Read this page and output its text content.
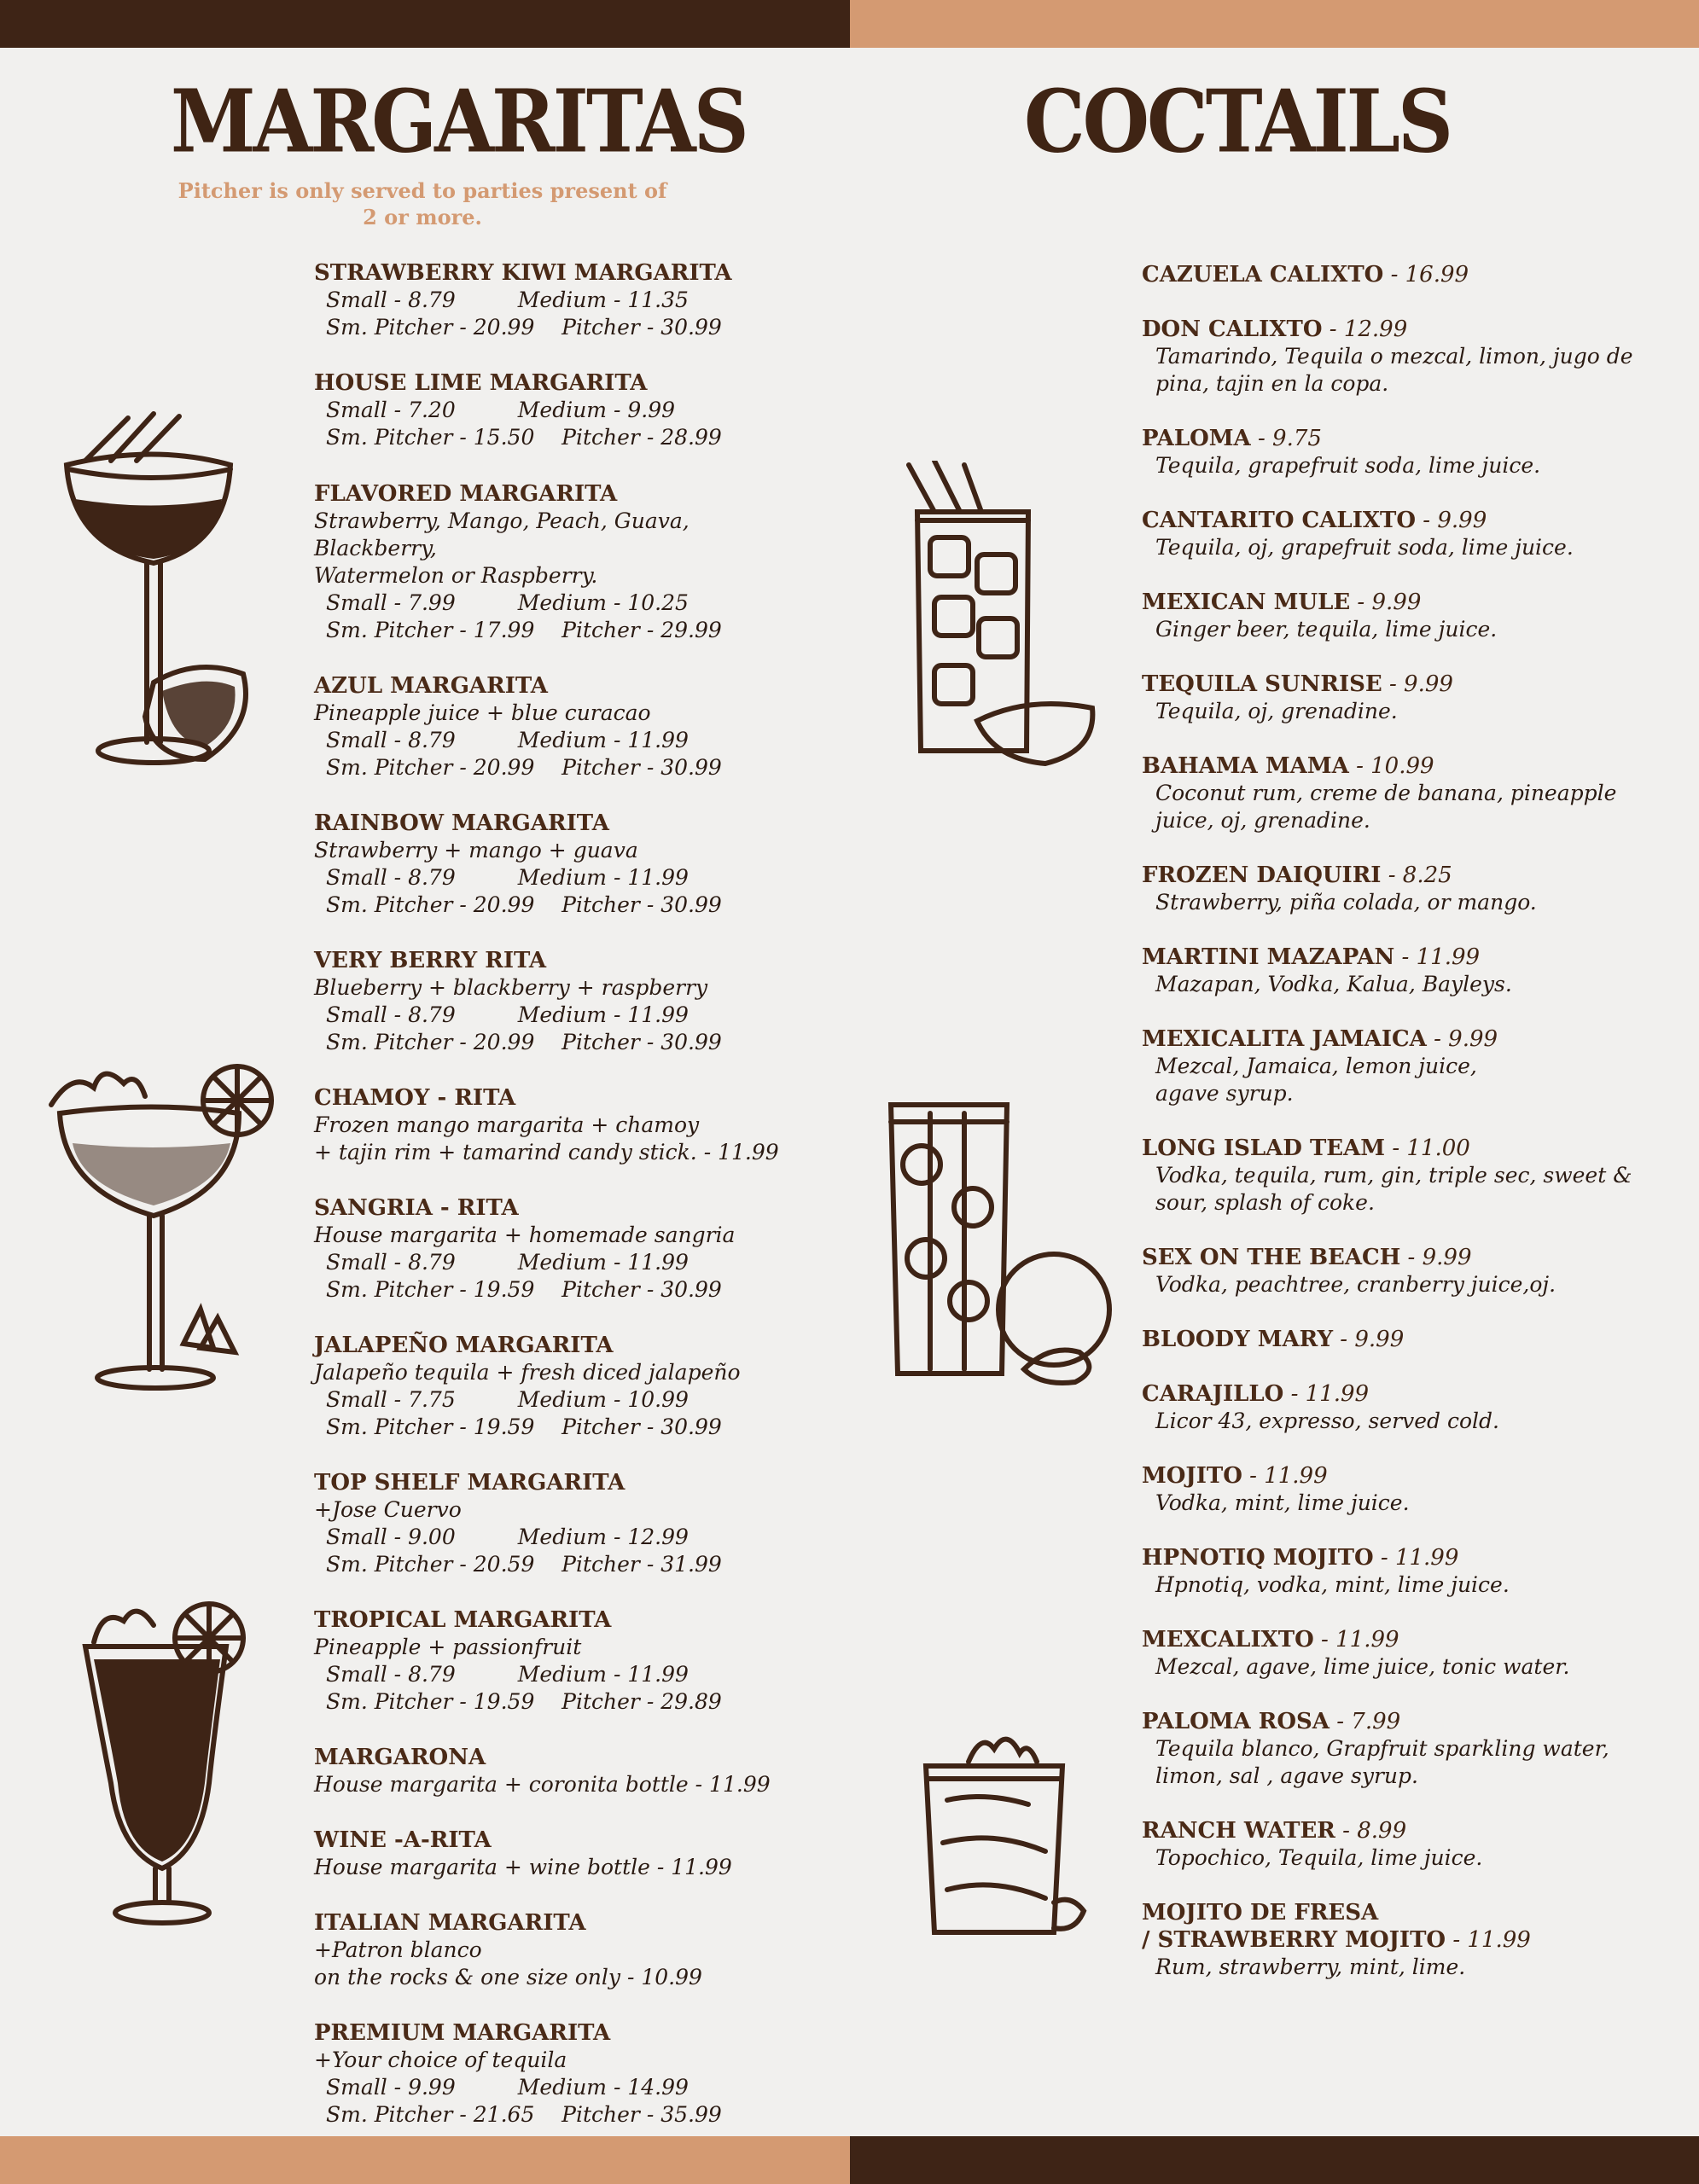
MARGARITAS	COCTAILS

Pitcher is only served to parties present of 2 or more.

STRAWBERRY KIWI MARGARITA
Small - 8.79	Medium - 11.35
Sm. Pitcher - 20.99 Pitcher - 30.99
HOUSE LIME MARGARITA
Small - 7.20	Medium - 9.99
Sm. Pitcher - 15.50 Pitcher - 28.99
FLAVORED MARGARITA
Strawberry, Mango, Peach, Guava, Blackberry,
Watermelon or Raspberry.
Small - 7.99	Medium - 10.25
Sm. Pitcher - 17.99 Pitcher - 29.99
AZUL MARGARITA
Pineapple juice + blue curacao
Small - 8.79	Medium - 11.99
Sm. Pitcher - 20.99 Pitcher - 30.99
RAINBOW MARGARITA
Strawberry + mango + guava
Small - 8.79	Medium - 11.99
Sm. Pitcher - 20.99 Pitcher - 30.99
VERY BERRY RITA
Blueberry + blackberry + raspberry
Small - 8.79	Medium - 11.99
Sm. Pitcher - 20.99 Pitcher - 30.99
CHAMOY - RITA
Frozen mango margarita + chamoy
+ tajin rim + tamarind candy stick. - 11.99
SANGRIA - RITA
House margarita + homemade sangria
Small - 8.79	Medium - 11.99
Sm. Pitcher - 19.59 Pitcher - 30.99
JALAPEÑO MARGARITA
Jalapeño tequila + fresh diced jalapeño
Small - 7.75	Medium - 10.99
Sm. Pitcher - 19.59 Pitcher - 30.99
TOP SHELF MARGARITA
+Jose Cuervo
Small - 9.00	Medium - 12.99
Sm. Pitcher - 20.59 Pitcher - 31.99
TROPICAL MARGARITA
Pineapple + passionfruit
Small - 8.79	Medium - 11.99
Sm. Pitcher - 19.59 Pitcher - 29.89
MARGARONA
House margarita + coronita bottle - 11.99
WINE -A-RITA
House margarita + wine bottle - 11.99
ITALIAN MARGARITA
+Patron blanco
on the rocks & one size only - 10.99
PREMIUM MARGARITA
+Your choice of tequila
Small - 9.99	Medium - 14.99
Sm. Pitcher - 21.65 Pitcher - 35.99
CAZUELA CALIXTO - 16.99
DON CALIXTO - 12.99
Tamarindo, Tequila o mezcal, limon, jugo de
pina, tajin en la copa.
PALOMA - 9.75
Tequila, grapefruit soda, lime juice.
CANTARITO CALIXTO - 9.99
Tequila, oj, grapefruit soda, lime juice.
MEXICAN MULE - 9.99
Ginger beer, tequila, lime juice.
TEQUILA SUNRISE - 9.99
Tequila, oj, grenadine.
BAHAMA MAMA - 10.99
Coconut rum, creme de banana, pineapple
juice, oj, grenadine.
FROZEN DAIQUIRI - 8.25
Strawberry, piña colada, or mango.
MARTINI MAZAPAN - 11.99
Mazapan, Vodka, Kalua, Bayleys.
MEXICALITA JAMAICA - 9.99
Mezcal, Jamaica, lemon juice,
agave syrup.
LONG ISLAD TEAM - 11.00
Vodka, tequila, rum, gin, triple sec, sweet &
sour, splash of coke.
SEX ON THE BEACH - 9.99
Vodka, peachtree, cranberry juice,oj.
BLOODY MARY - 9.99
CARAJILLO - 11.99
Licor 43, expresso, served cold.
MOJITO - 11.99
Vodka, mint, lime juice.
HPNOTIQ MOJITO - 11.99
Hpnotiq, vodka, mint, lime juice.
MEXCALIXTO - 11.99
Mezcal, agave, lime juice, tonic water.
PALOMA ROSA - 7.99
Tequila blanco, Grapfruit sparkling water,
limon, sal , agave syrup.
RANCH WATER - 8.99
Topochico, Tequila, lime juice.
MOJITO DE FRESA
/ STRAWBERRY MOJITO - 11.99
Rum, strawberry, mint, lime.
